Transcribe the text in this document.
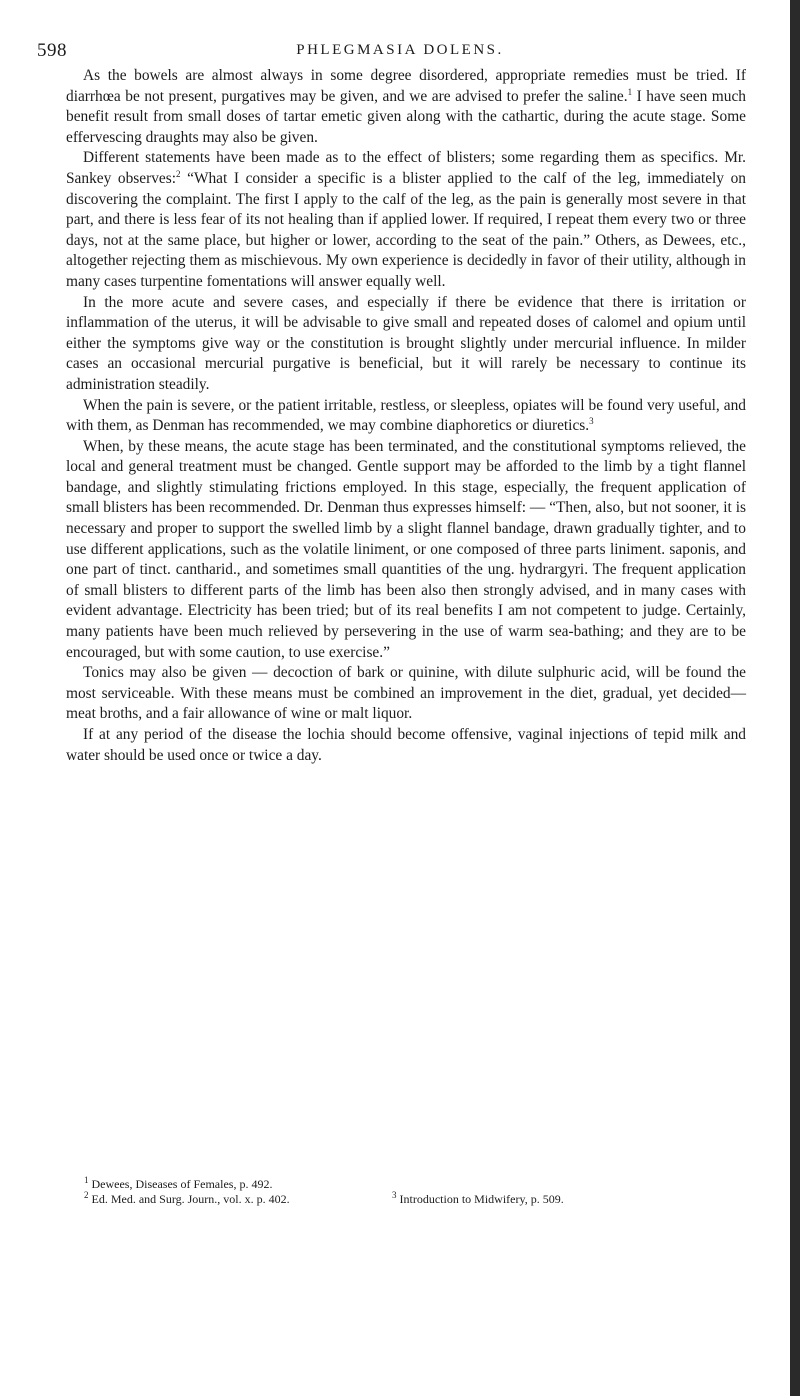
598	PHLEGMASIA DOLENS.

As the bowels are almost always in some degree disordered, appropriate remedies must be tried. If diarrhœa be not present, purgatives may be given, and we are advised to prefer the saline.$^1$ I have seen much benefit result from small doses of tartar emetic given along with the cathartic, during the acute stage. Some effervescing draughts may also be given.

Different statements have been made as to the effect of blisters; some regarding them as specifics. Mr. Sankey observes:$^2$ “What I consider a specific is a blister applied to the calf of the leg, immediately on discovering the complaint. The first I apply to the calf of the leg, as the pain is generally most severe in that part, and there is less fear of its not healing than if applied lower. If required, I repeat them every two or three days, not at the same place, but higher or lower, according to the seat of the pain.” Others, as Dewees, etc., altogether rejecting them as mischievous. My own experience is decidedly in favor of their utility, although in many cases turpentine fomentations will answer equally well.

In the more acute and severe cases, and especially if there be evidence that there is irritation or inflammation of the uterus, it will be advisable to give small and repeated doses of calomel and opium until either the symptoms give way or the constitution is brought slightly under mercurial influence. In milder cases an occasional mercurial purgative is beneficial, but it will rarely be necessary to continue its administration steadily.

When the pain is severe, or the patient irritable, restless, or sleepless, opiates will be found very useful, and with them, as Denman has recommended, we may combine diaphoretics or diuretics.$^3$

When, by these means, the acute stage has been terminated, and the constitutional symptoms relieved, the local and general treatment must be changed. Gentle support may be afforded to the limb by a tight flannel bandage, and slightly stimulating frictions employed. In this stage, especially, the frequent application of small blisters has been recommended. Dr. Denman thus expresses himself: — “Then, also, but not sooner, it is necessary and proper to support the swelled limb by a slight flannel bandage, drawn gradually tighter, and to use different applications, such as the volatile liniment, or one composed of three parts liniment. saponis, and one part of tinct. cantharid., and sometimes small quantities of the ung. hydrargyri. The frequent application of small blisters to different parts of the limb has been also then strongly advised, and in many cases with evident advantage. Electricity has been tried; but of its real benefits I am not competent to judge. Certainly, many patients have been much relieved by persevering in the use of warm sea-bathing; and they are to be encouraged, but with some caution, to use exercise.”

Tonics may also be given — decoction of bark or quinine, with dilute sulphuric acid, will be found the most serviceable. With these means must be combined an improvement in the diet, gradual, yet decided—meat broths, and a fair allowance of wine or malt liquor.

If at any period of the disease the lochia should become offensive, vaginal injections of tepid milk and water should be used once or twice a day.

$^1$ Dewees, Diseases of Females, p. 492.
$^2$ Ed. Med. and Surg. Journ., vol. x. p. 402.	$^3$ Introduction to Midwifery, p. 509.
